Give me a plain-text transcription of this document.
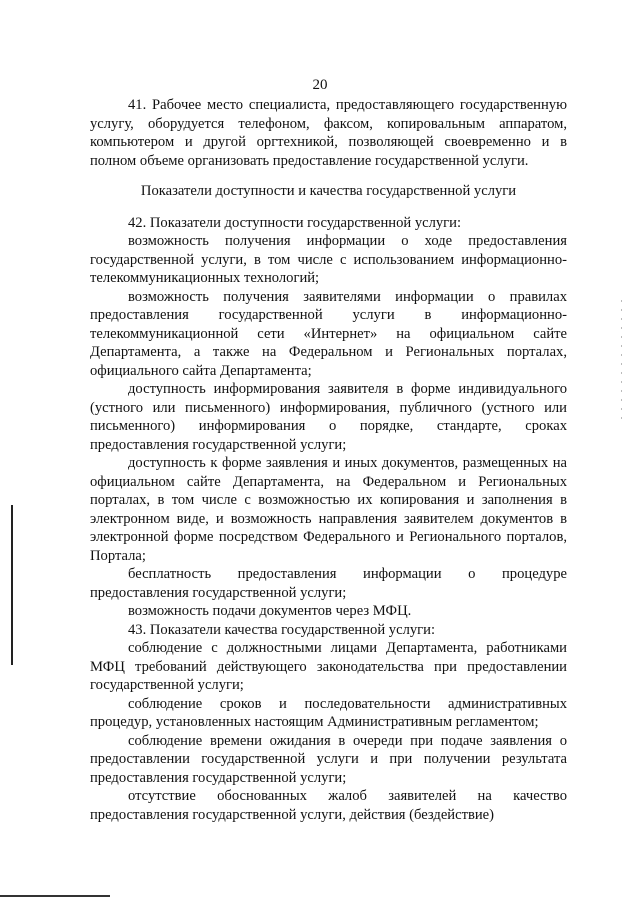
20

41. Рабочее место специалиста, предоставляющего государственную услугу, оборудуется телефоном, факсом, копировальным аппаратом, компьютером и другой оргтехникой, позволяющей своевременно и в полном объеме организовать предоставление государственной услуги.

Показатели доступности и качества государственной услуги

42. Показатели доступности государственной услуги:

возможность получения информации о ходе предоставления государственной услуги, в том числе с использованием информационно-телекоммуникационных технологий;

возможность получения заявителями информации о правилах предоставления государственной услуги в информационно-телекоммуникационной сети «Интернет» на официальном сайте Департамента, а также на Федеральном и Региональных порталах, официального сайта Департамента;

доступность информирования заявителя в форме индивидуального (устного или письменного) информирования, публичного (устного или письменного) информирования о порядке, стандарте, сроках предоставления государственной услуги;

доступность к форме заявления и иных документов, размещенных на официальном сайте Департамента, на Федеральном и Региональных порталах, в том числе с возможностью их копирования и заполнения в электронном виде, и возможность направления заявителем документов в электронной форме посредством Федерального и Регионального порталов, Портала;

бесплатность предоставления информации о процедуре предоставления государственной услуги;

возможность подачи документов через МФЦ.

43. Показатели качества государственной услуги:

соблюдение с должностными лицами Департамента, работниками МФЦ требований действующего законодательства при предоставлении государственной услуги;

соблюдение сроков и последовательности административных процедур, установленных настоящим Административным регламентом;

соблюдение времени ожидания в очереди при подаче заявления о предоставлении государственной услуги и при получении результата предоставления государственной услуги;

отсутствие обоснованных жалоб заявителей на качество предоставления государственной услуги, действия (бездействие)
